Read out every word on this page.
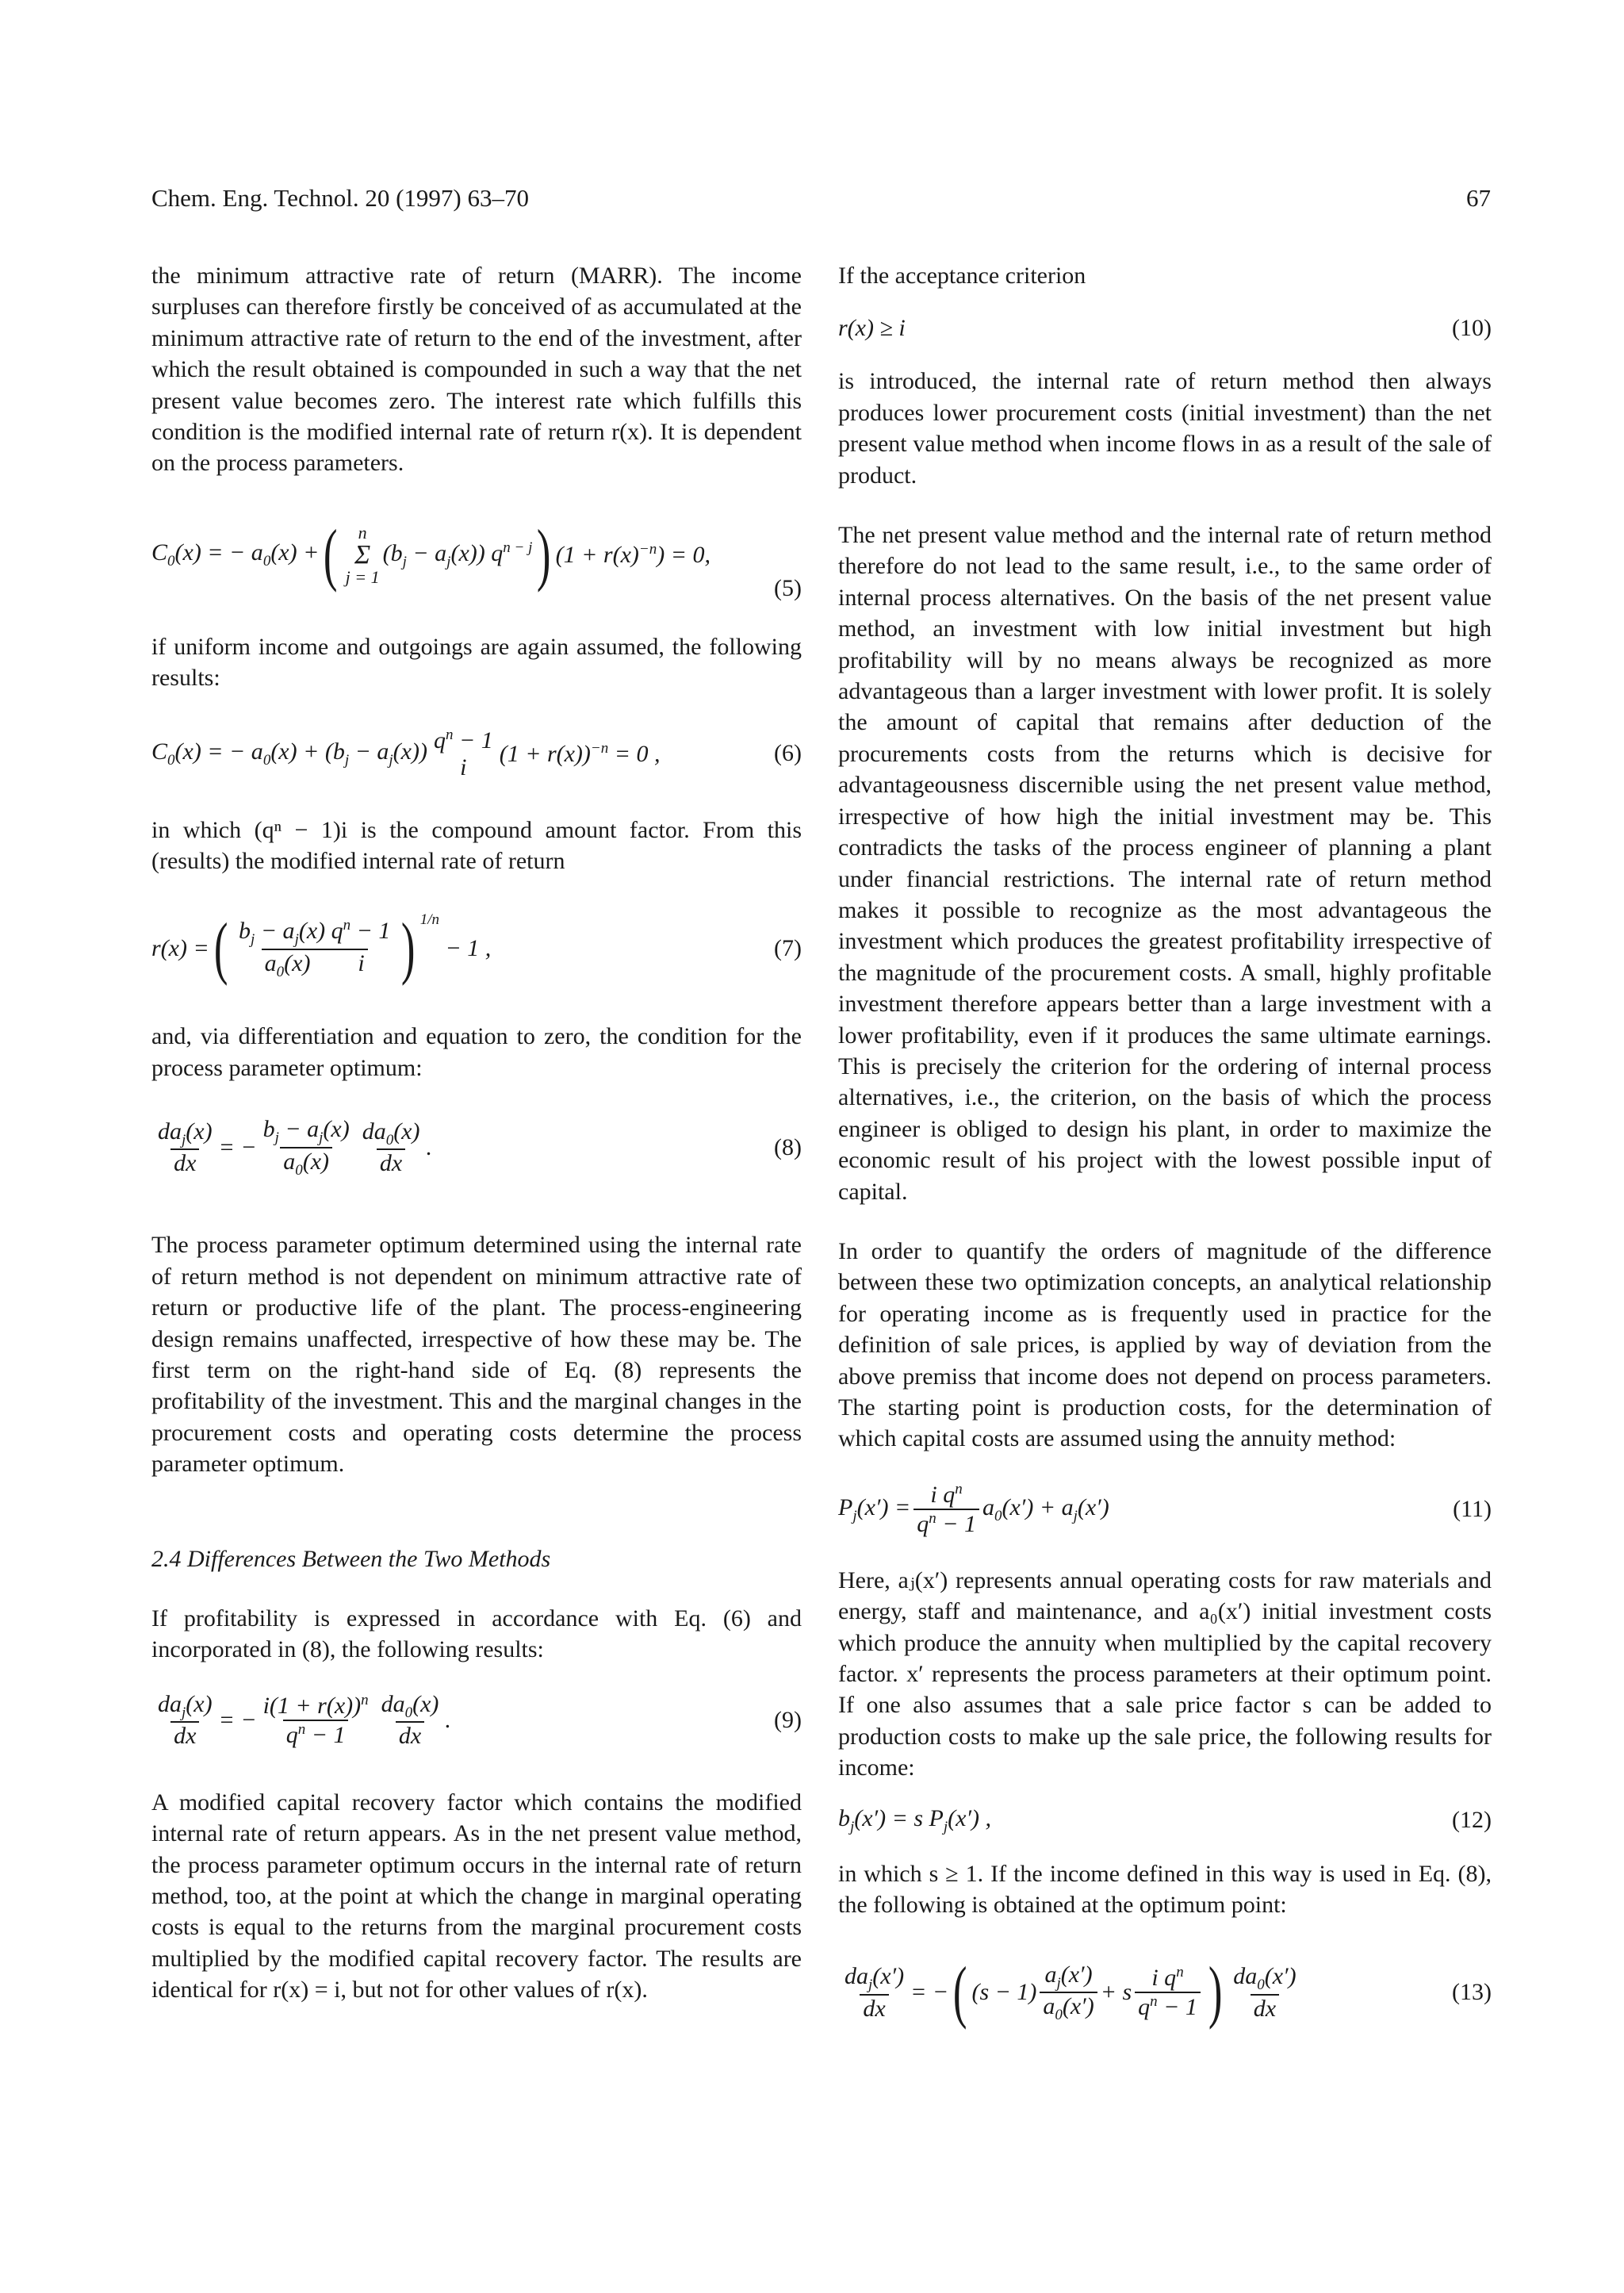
Chem. Eng. Technol. 20 (1997) 63–70	67

the minimum attractive rate of return (MARR). The income surpluses can therefore firstly be conceived of as accumulated at the minimum attractive rate of return to the end of the investment, after which the result obtained is compounded in such a way that the net present value becomes zero. The interest rate which fulfills this condition is the modified internal rate of return r(x). It is dependent on the process parameters.

$C_0(x)$ = − $a_0(x)$ + ( n
Σ
j = 1
$(b_j - a_j(x))$ $q^{n - j}$ ) $(1 + r(x)^{-n}) = 0$,
(5)

if uniform income and outgoings are again assumed, the following results:

$C_0(x)$ = − $a_0(x) + (b_j - a_j(x)) q^n - 1$
i
$(1 + r(x))^{-n} = 0$ ,	(6)

in which (qⁿ − 1)i is the compound amount factor. From this (results) the modified internal rate of return

r(x) = ( $\frac{b_j - a_j(x) q^n - 1}{a_0(x) i}$ ) $^{1/n}$
− 1 ,	(7)

and, via differentiation and equation to zero, the condition for the process parameter optimum:

$\frac{da_j(x)}{dx}$ = − $\frac{b_j - a_j(x)}{a_0(x)} \frac{da_0(x)}{dx}$ .	(8)

The process parameter optimum determined using the internal rate of return method is not dependent on minimum attractive rate of return or productive life of the plant. The process-engineering design remains unaffected, irrespective of how these may be. The first term on the right-hand side of Eq. (8) represents the profitability of the investment. This and the marginal changes in the procurement costs and operating costs determine the process parameter optimum.

2.4 Differences Between the Two Methods

If profitability is expressed in accordance with Eq. (6) and incorporated in (8), the following results:

$\frac{da_j(x)}{dx}$ = − $\frac{i(1 + r(x))^n}{q^n - 1} \frac{da_0(x)}{dx}$ .	(9)

A modified capital recovery factor which contains the modified internal rate of return appears. As in the net present value method, the process parameter optimum occurs in the internal rate of return method, too, at the point at which the change in marginal operating costs is equal to the returns from the marginal procurement costs multiplied by the modified capital recovery factor. The results are identical for r(x) = i, but not for other values of r(x).

If the acceptance criterion

r(x) ≥ i	(10)

is introduced, the internal rate of return method then always produces lower procurement costs (initial investment) than the net present value method when income flows in as a result of the sale of product.

The net present value method and the internal rate of return method therefore do not lead to the same result, i.e., to the same order of internal process alternatives. On the basis of the net present value method, an investment with low initial investment but high profitability will by no means always be recognized as more advantageous than a larger investment with lower profit. It is solely the amount of capital that remains after deduction of the procurements costs from the returns which is decisive for advantageousness discernible using the net present value method, irrespective of how high the initial investment may be. This contradicts the tasks of the process engineer of planning a plant under financial restrictions. The internal rate of return method makes it possible to recognize as the most advantageous the investment which produces the greatest profitability irrespective of the magnitude of the procurement costs. A small, highly profitable investment therefore appears better than a large investment with a lower profitability, even if it produces the same ultimate earnings. This is precisely the criterion for the ordering of internal process alternatives, i.e., the criterion, on the basis of which the process engineer is obliged to design his plant, in order to maximize the economic result of his project with the lowest possible input of capital.

In order to quantify the orders of magnitude of the difference between these two optimization concepts, an analytical relationship for operating income as is frequently used in practice for the definition of sale prices, is applied by way of deviation from the above premiss that income does not depend on process parameters. The starting point is production costs, for the determination of which capital costs are assumed using the annuity method:

$P_j(x') = \frac{i q^n}{q^n - 1} a_0(x') + a_j(x')$	(11)

Here, aⱼ(x′) represents annual operating costs for raw materials and energy, staff and maintenance, and a₀(x′) initial investment costs which produce the annuity when multiplied by the capital recovery factor. x′ represents the process parameters at their optimum point. If one also assumes that a sale price factor s can be added to production costs to make up the sale price, the following results for income:

$b_j(x') = s$ $P_j(x')$ ,	(12)

in which s ≥ 1. If the income defined in this way is used in Eq. (8), the following is obtained at the optimum point:

$\frac{da_j(x')}{dx}$ = − ( $(s - 1) \frac{a_j(x')}{a_0(x')} + s \frac{i q^n}{q^n - 1}$ ) $\frac{da_0(x')}{dx}$	(13)
